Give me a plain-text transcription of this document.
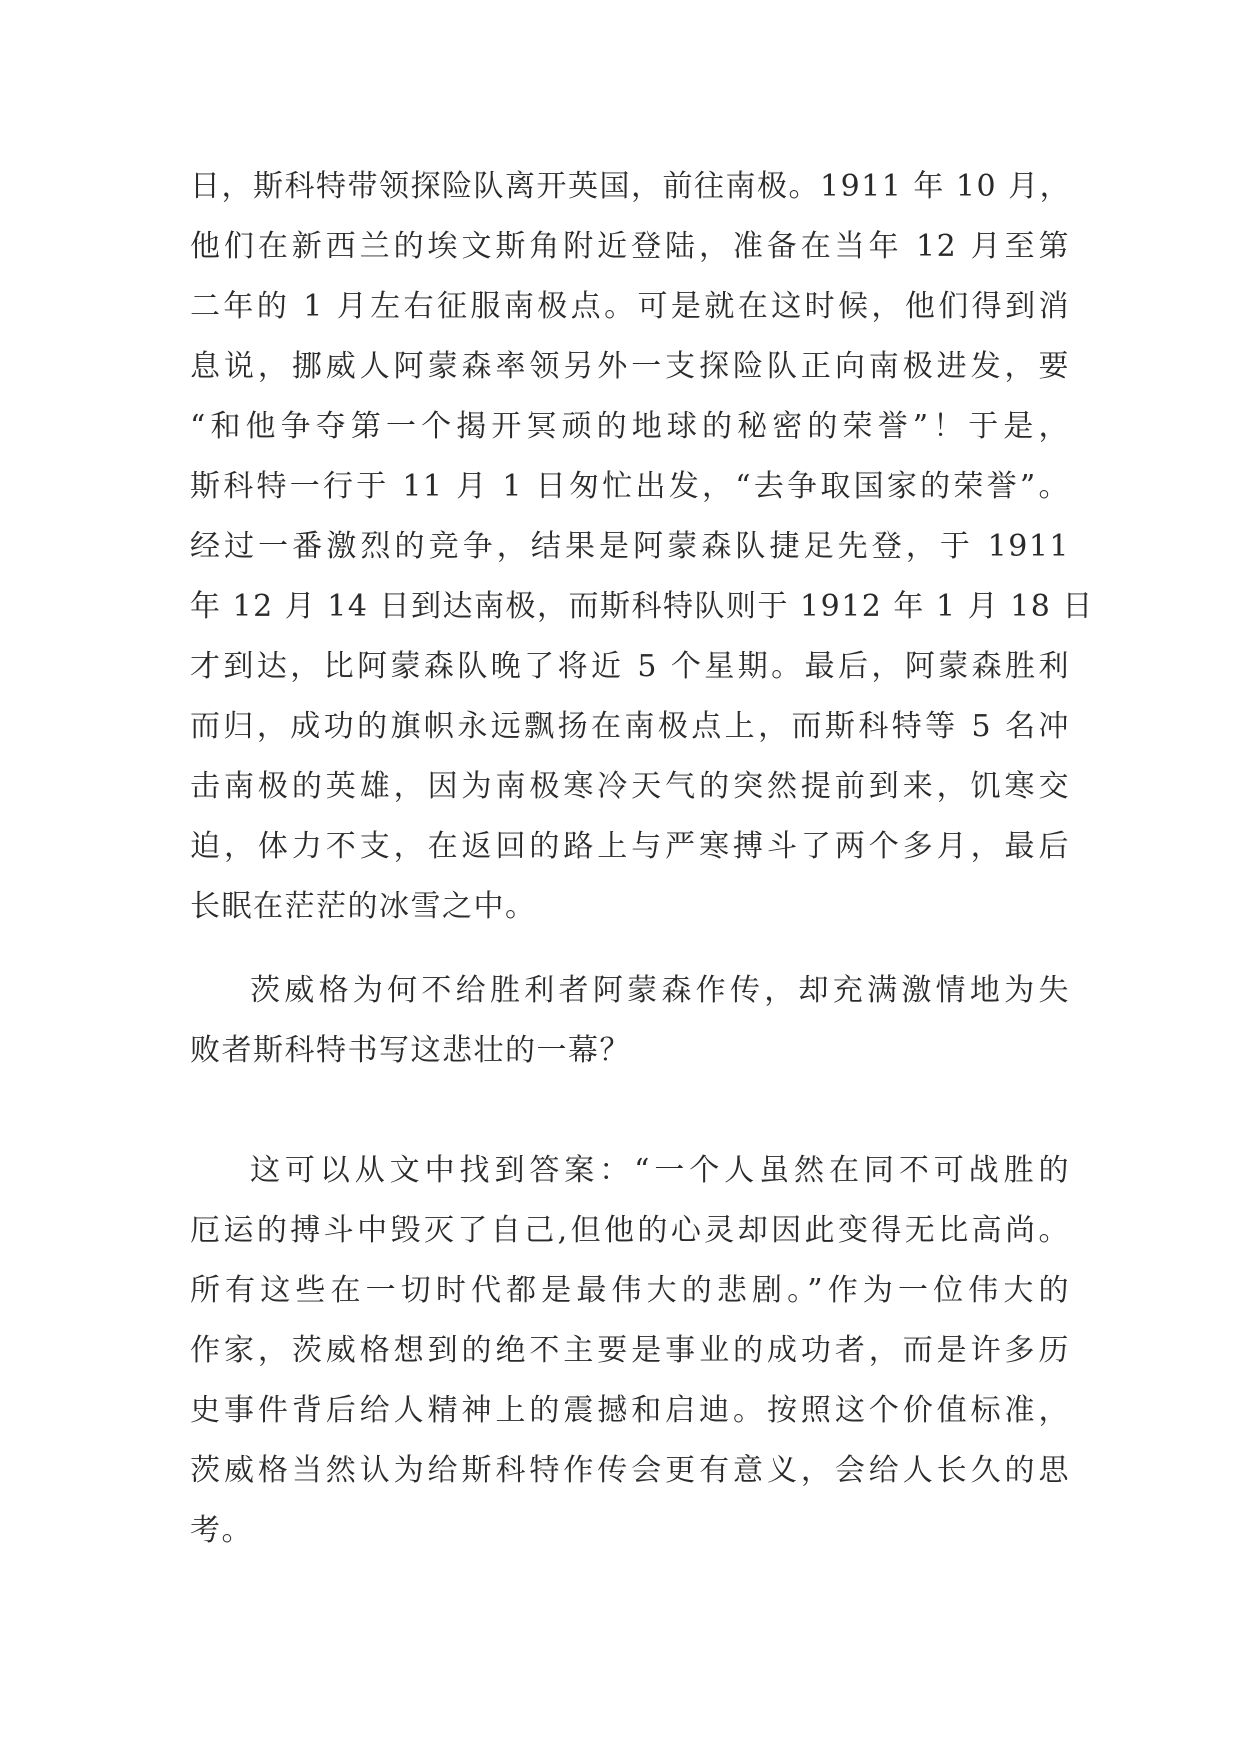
日，斯科特带领探险队离开英国，前往南极。1911 年 10 月，
他们在新西兰的埃文斯角附近登陆，准备在当年 12 月至第
二年的 1 月左右征服南极点。可是就在这时候，他们得到消
息说，挪威人阿蒙森率领另外一支探险队正向南极进发，要
“和他争夺第一个揭开冥顽的地球的秘密的荣誉”！于是，
斯科特一行于 11 月 1 日匆忙出发，“去争取国家的荣誉”。
经过一番激烈的竞争，结果是阿蒙森队捷足先登，于 1911
年 12 月 14 日到达南极，而斯科特队则于 1912 年 1 月 18 日
才到达，比阿蒙森队晚了将近 5 个星期。最后，阿蒙森胜利
而归，成功的旗帜永远飘扬在南极点上，而斯科特等 5 名冲
击南极的英雄，因为南极寒冷天气的突然提前到来，饥寒交
迫，体力不支，在返回的路上与严寒搏斗了两个多月，最后
长眠在茫茫的冰雪之中。
茨威格为何不给胜利者阿蒙森作传，却充满激情地为失
败者斯科特书写这悲壮的一幕？
这可以从文中找到答案：“一个人虽然在同不可战胜的
厄运的搏斗中毁灭了自己,但他的心灵却因此变得无比高尚。
所有这些在一切时代都是最伟大的悲剧。”作为一位伟大的
作家，茨威格想到的绝不主要是事业的成功者，而是许多历
史事件背后给人精神上的震撼和启迪。按照这个价值标准，
茨威格当然认为给斯科特作传会更有意义，会给人长久的思
考。
